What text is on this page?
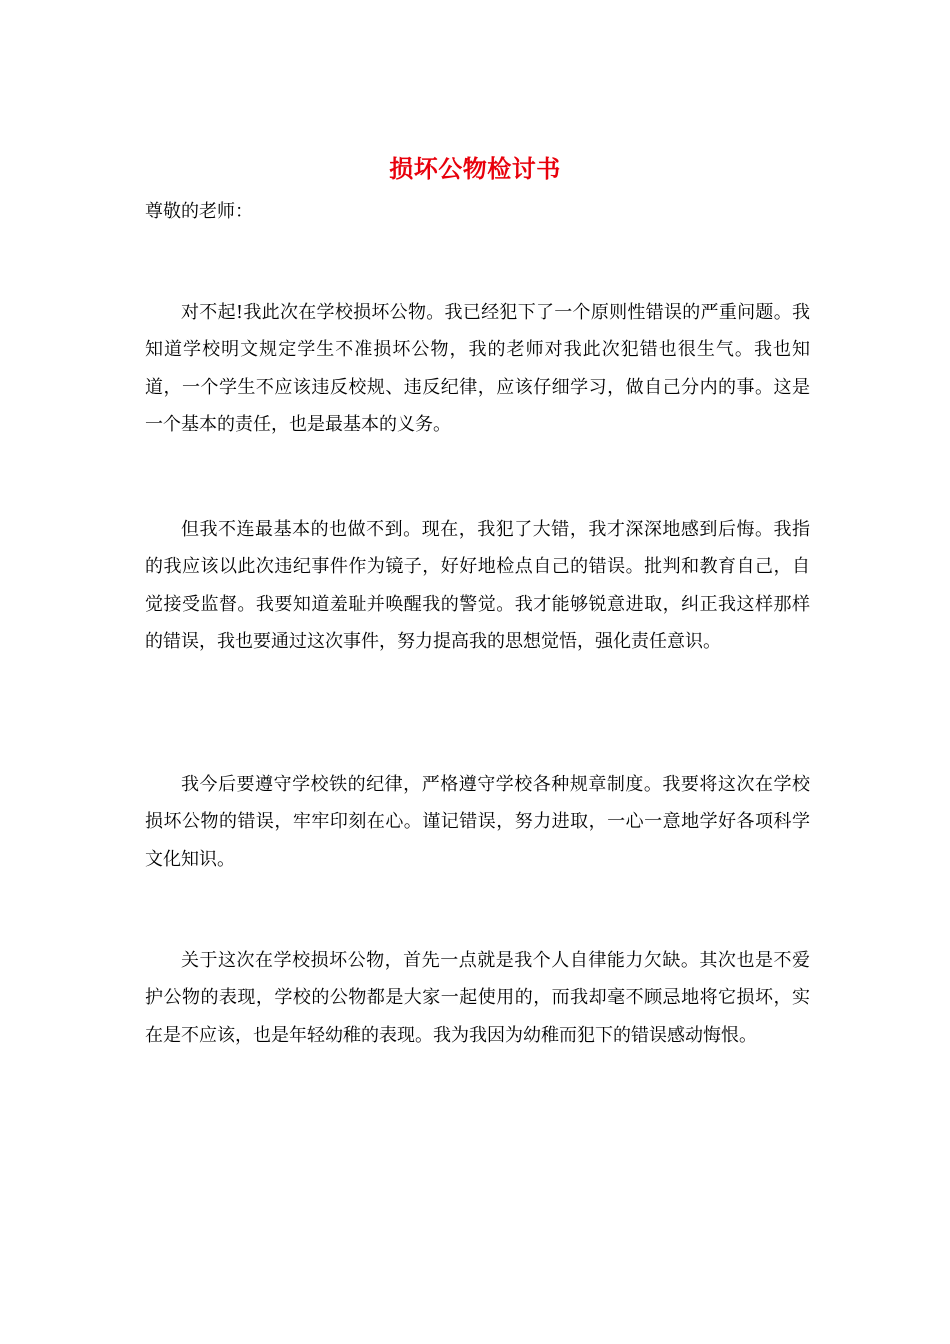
损坏公物检讨书
尊敬的老师：

对不起!我此次在学校损坏公物。我已经犯下了一个原则性错误的严重问题。我知道学校明文规定学生不准损坏公物，我的老师对我此次犯错也很生气。我也知道，一个学生不应该违反校规、违反纪律，应该仔细学习，做自己分内的事。这是一个基本的责任，也是最基本的义务。

但我不连最基本的也做不到。现在，我犯了大错，我才深深地感到后悔。我指的我应该以此次违纪事件作为镜子，好好地检点自己的错误。批判和教育自己，自觉接受监督。我要知道羞耻并唤醒我的警觉。我才能够锐意进取，纠正我这样那样的错误，我也要通过这次事件，努力提高我的思想觉悟，强化责任意识。

我今后要遵守学校铁的纪律，严格遵守学校各种规章制度。我要将这次在学校损坏公物的错误，牢牢印刻在心。谨记错误，努力进取，一心一意地学好各项科学文化知识。

关于这次在学校损坏公物，首先一点就是我个人自律能力欠缺。其次也是不爱护公物的表现，学校的公物都是大家一起使用的，而我却毫不顾忌地将它损坏，实在是不应该，也是年轻幼稚的表现。我为我因为幼稚而犯下的错误感动悔恨。
